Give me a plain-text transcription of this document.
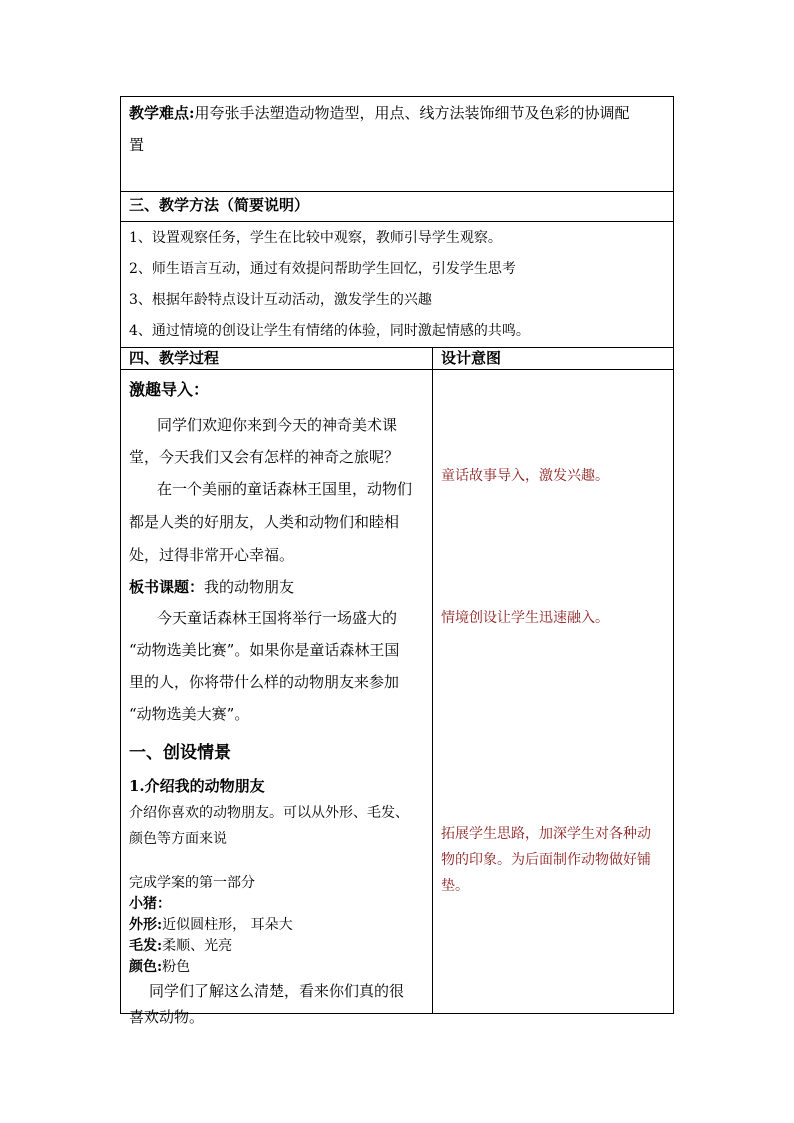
教学难点:用夸张手法塑造动物造型，用点、线方法装饰细节及色彩的协调配
置
三、教学方法（简要说明）
1、设置观察任务，学生在比较中观察，教师引导学生观察。
2、师生语言互动，通过有效提问帮助学生回忆，引发学生思考
3、根据年龄特点设计互动活动，激发学生的兴趣
4、通过情境的创设让学生有情绪的体验，同时激起情感的共鸣。
四、教学过程	设计意图
激趣导入：
同学们欢迎你来到今天的神奇美术课
堂，今天我们又会有怎样的神奇之旅呢？
在一个美丽的童话森林王国里，动物们
都是人类的好朋友，人类和动物们和睦相
处，过得非常开心幸福。
板书课题：我的动物朋友
今天童话森林王国将举行一场盛大的
“动物选美比赛”。如果你是童话森林王国
里的人，你将带什么样的动物朋友来参加
“动物选美大赛”。
一、创设情景
1.介绍我的动物朋友
介绍你喜欢的动物朋友。可以从外形、毛发、
颜色等方面来说
完成学案的第一部分
小猪：
外形:近似圆柱形， 耳朵大
毛发:柔顺、光亮
颜色:粉色
同学们了解这么清楚，看来你们真的很
喜欢动物。
童话故事导入，激发兴趣。
情境创设让学生迅速融入。
拓展学生思路，加深学生对各种动
物的印象。为后面制作动物做好铺
垫。
